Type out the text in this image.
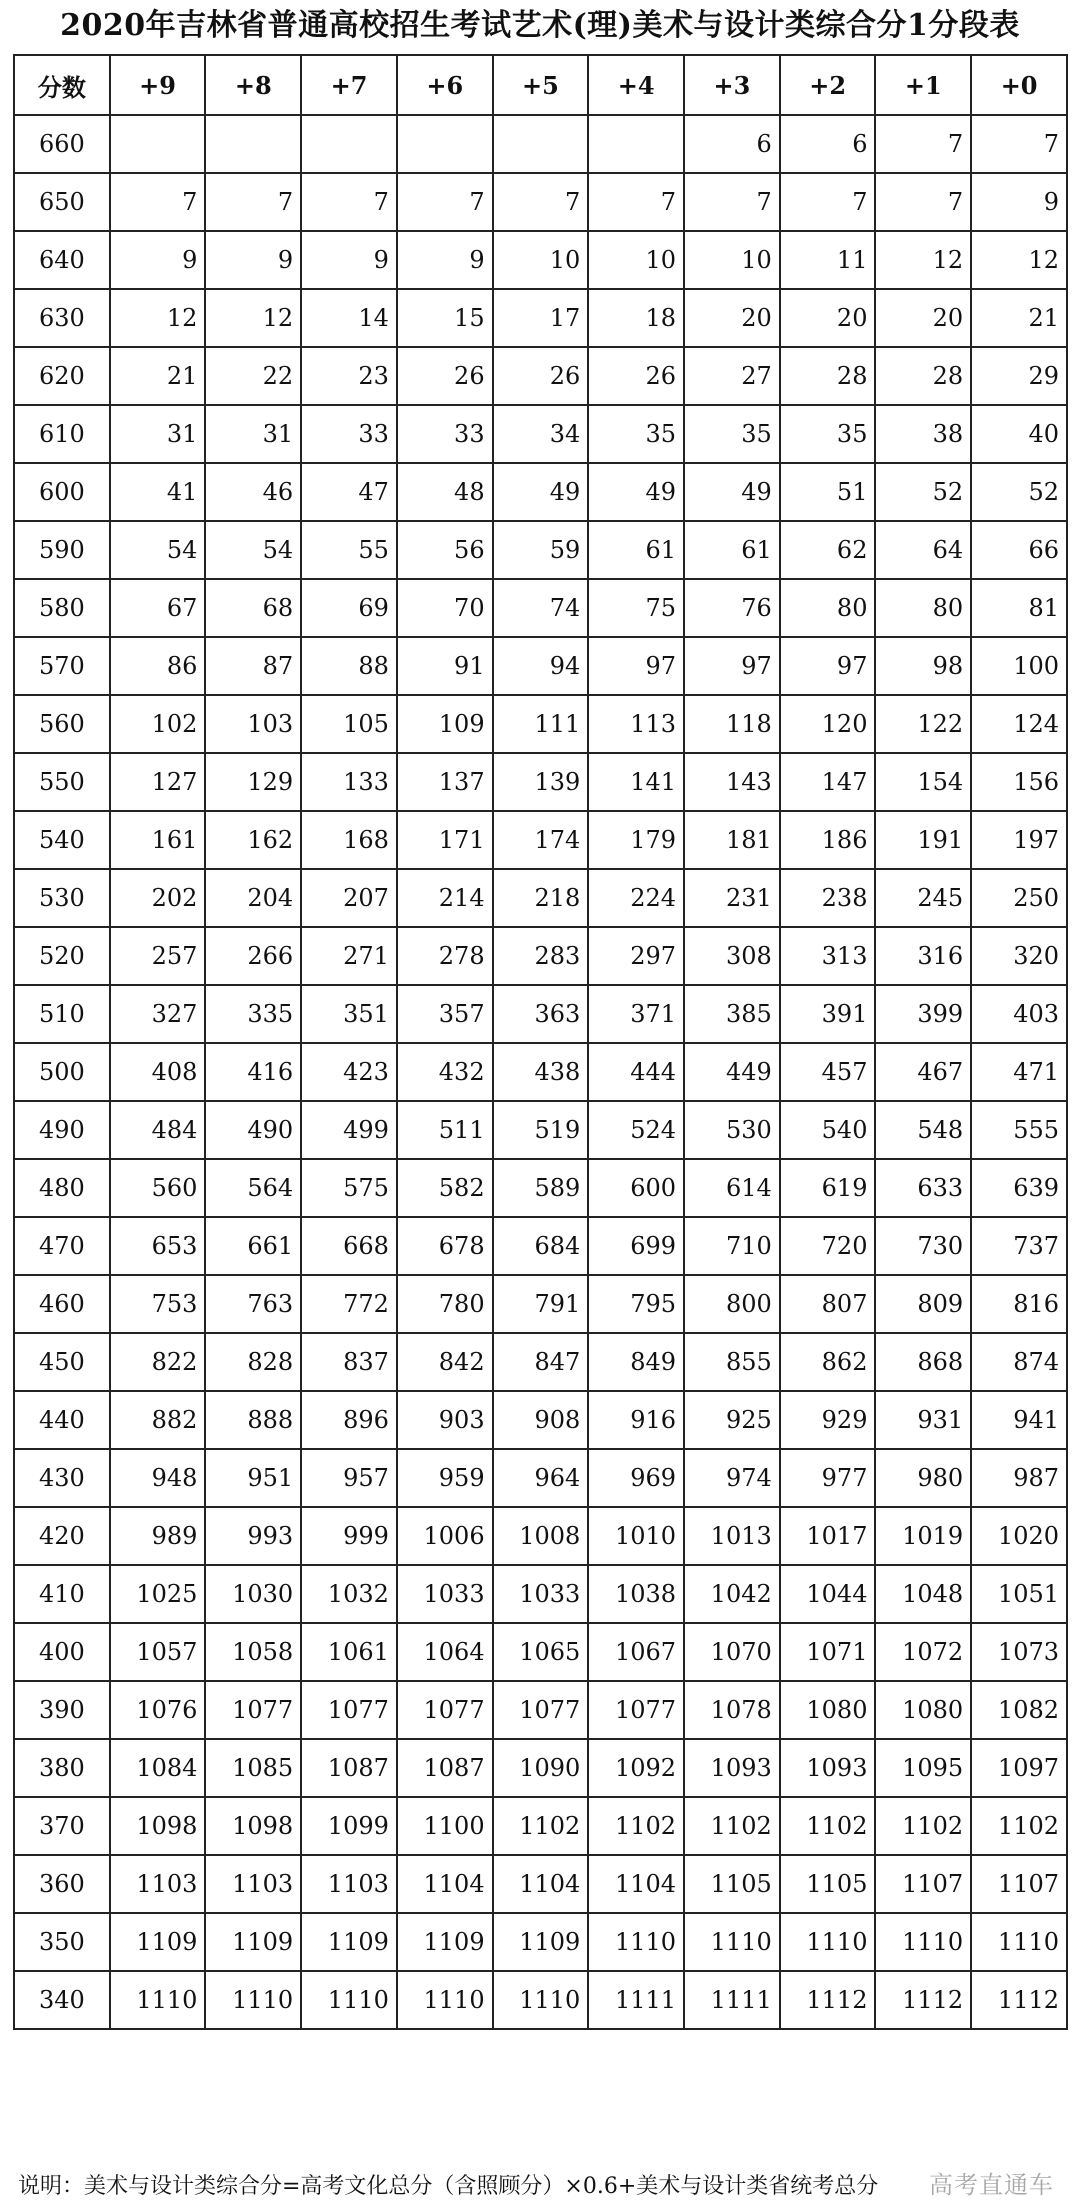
2020年吉林省普通高校招生考试艺术(理)美术与设计类综合分1分段表
分数	+9	+8	+7	+6	+5	+4	+3	+2	+1	+0
660							6	6	7	7
650	7	7	7	7	7	7	7	7	7	9
640	9	9	9	9	10	10	10	11	12	12
630	12	12	14	15	17	18	20	20	20	21
620	21	22	23	26	26	26	27	28	28	29
610	31	31	33	33	34	35	35	35	38	40
600	41	46	47	48	49	49	49	51	52	52
590	54	54	55	56	59	61	61	62	64	66
580	67	68	69	70	74	75	76	80	80	81
570	86	87	88	91	94	97	97	97	98	100
560	102	103	105	109	111	113	118	120	122	124
550	127	129	133	137	139	141	143	147	154	156
540	161	162	168	171	174	179	181	186	191	197
530	202	204	207	214	218	224	231	238	245	250
520	257	266	271	278	283	297	308	313	316	320
510	327	335	351	357	363	371	385	391	399	403
500	408	416	423	432	438	444	449	457	467	471
490	484	490	499	511	519	524	530	540	548	555
480	560	564	575	582	589	600	614	619	633	639
470	653	661	668	678	684	699	710	720	730	737
460	753	763	772	780	791	795	800	807	809	816
450	822	828	837	842	847	849	855	862	868	874
440	882	888	896	903	908	916	925	929	931	941
430	948	951	957	959	964	969	974	977	980	987
420	989	993	999	1006	1008	1010	1013	1017	1019	1020
410	1025	1030	1032	1033	1033	1038	1042	1044	1048	1051
400	1057	1058	1061	1064	1065	1067	1070	1071	1072	1073
390	1076	1077	1077	1077	1077	1077	1078	1080	1080	1082
380	1084	1085	1087	1087	1090	1092	1093	1093	1095	1097
370	1098	1098	1099	1100	1102	1102	1102	1102	1102	1102
360	1103	1103	1103	1104	1104	1104	1105	1105	1107	1107
350	1109	1109	1109	1109	1109	1110	1110	1110	1110	1110
340	1110	1110	1110	1110	1110	1111	1111	1112	1112	1112
说明：美术与设计类综合分=高考文化总分（含照顾分）×0.6+美术与设计类省统考总分 高考直通车
